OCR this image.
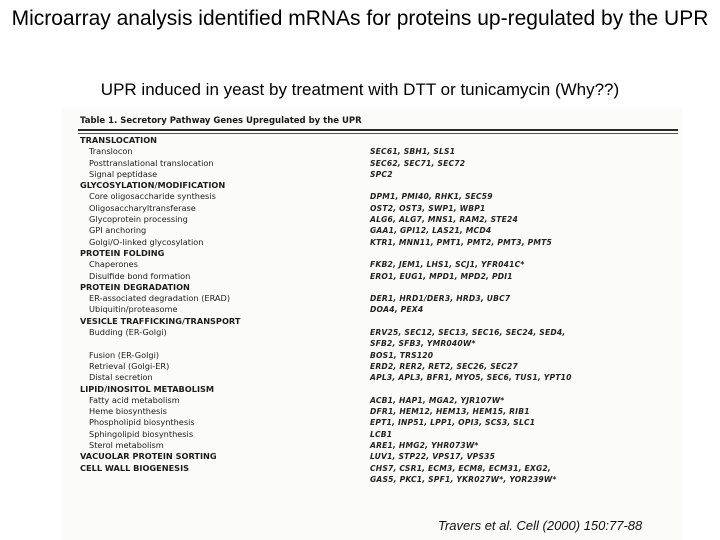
Microarray analysis identified mRNAs for proteins up-regulated by the UPR
UPR induced in yeast by treatment with DTT or tunicamycin (Why??)
Table 1. Secretory Pathway Genes Upregulated by the UPR
TRANSLOCATION
Translocon	SEC61, SBH1, SLS1
Posttranslational translocation	SEC62, SEC71, SEC72
Signal peptidase	SPC2
GLYCOSYLATION/MODIFICATION
Core oligosaccharide synthesis	DPM1, PMI40, RHK1, SEC59
Oligosaccharyltransferase	OST2, OST3, SWP1, WBP1
Glycoprotein processing	ALG6, ALG7, MNS1, RAM2, STE24
GPI anchoring	GAA1, GPI12, LAS21, MCD4
Golgi/O-linked glycosylation	KTR1, MNN11, PMT1, PMT2, PMT3, PMT5
PROTEIN FOLDING
Chaperones	FKB2, JEM1, LHS1, SCJ1, YFR041C*
Disulfide bond formation	ERO1, EUG1, MPD1, MPD2, PDI1
PROTEIN DEGRADATION
ER-associated degradation (ERAD)	DER1, HRD1/DER3, HRD3, UBC7
Ubiquitin/proteasome	DOA4, PEX4
VESICLE TRAFFICKING/TRANSPORT
Budding (ER-Golgi)	ERV25, SEC12, SEC13, SEC16, SEC24, SED4,
SFB2, SFB3, YMR040W*
Fusion (ER-Golgi)	BOS1, TRS120
Retrieval (Golgi-ER)	ERD2, RER2, RET2, SEC26, SEC27
Distal secretion	APL3, APL3, BFR1, MYO5, SEC6, TUS1, YPT10
LIPID/INOSITOL METABOLISM
Fatty acid metabolism	ACB1, HAP1, MGA2, YJR107W*
Heme biosynthesis	DFR1, HEM12, HEM13, HEM15, RIB1
Phospholipid biosynthesis	EPT1, INP51, LPP1, OPI3, SCS3, SLC1
Sphingolipid biosynthesis	LCB1
Sterol metabolism	ARE1, HMG2, YHR073W*
VACUOLAR PROTEIN SORTING	LUV1, STP22, VPS17, VPS35
CELL WALL BIOGENESIS	CHS7, CSR1, ECM3, ECM8, ECM31, EXG2,
GAS5, PKC1, SPF1, YKR027W*, YOR239W*
Travers et al. Cell (2000) 150:77-88
